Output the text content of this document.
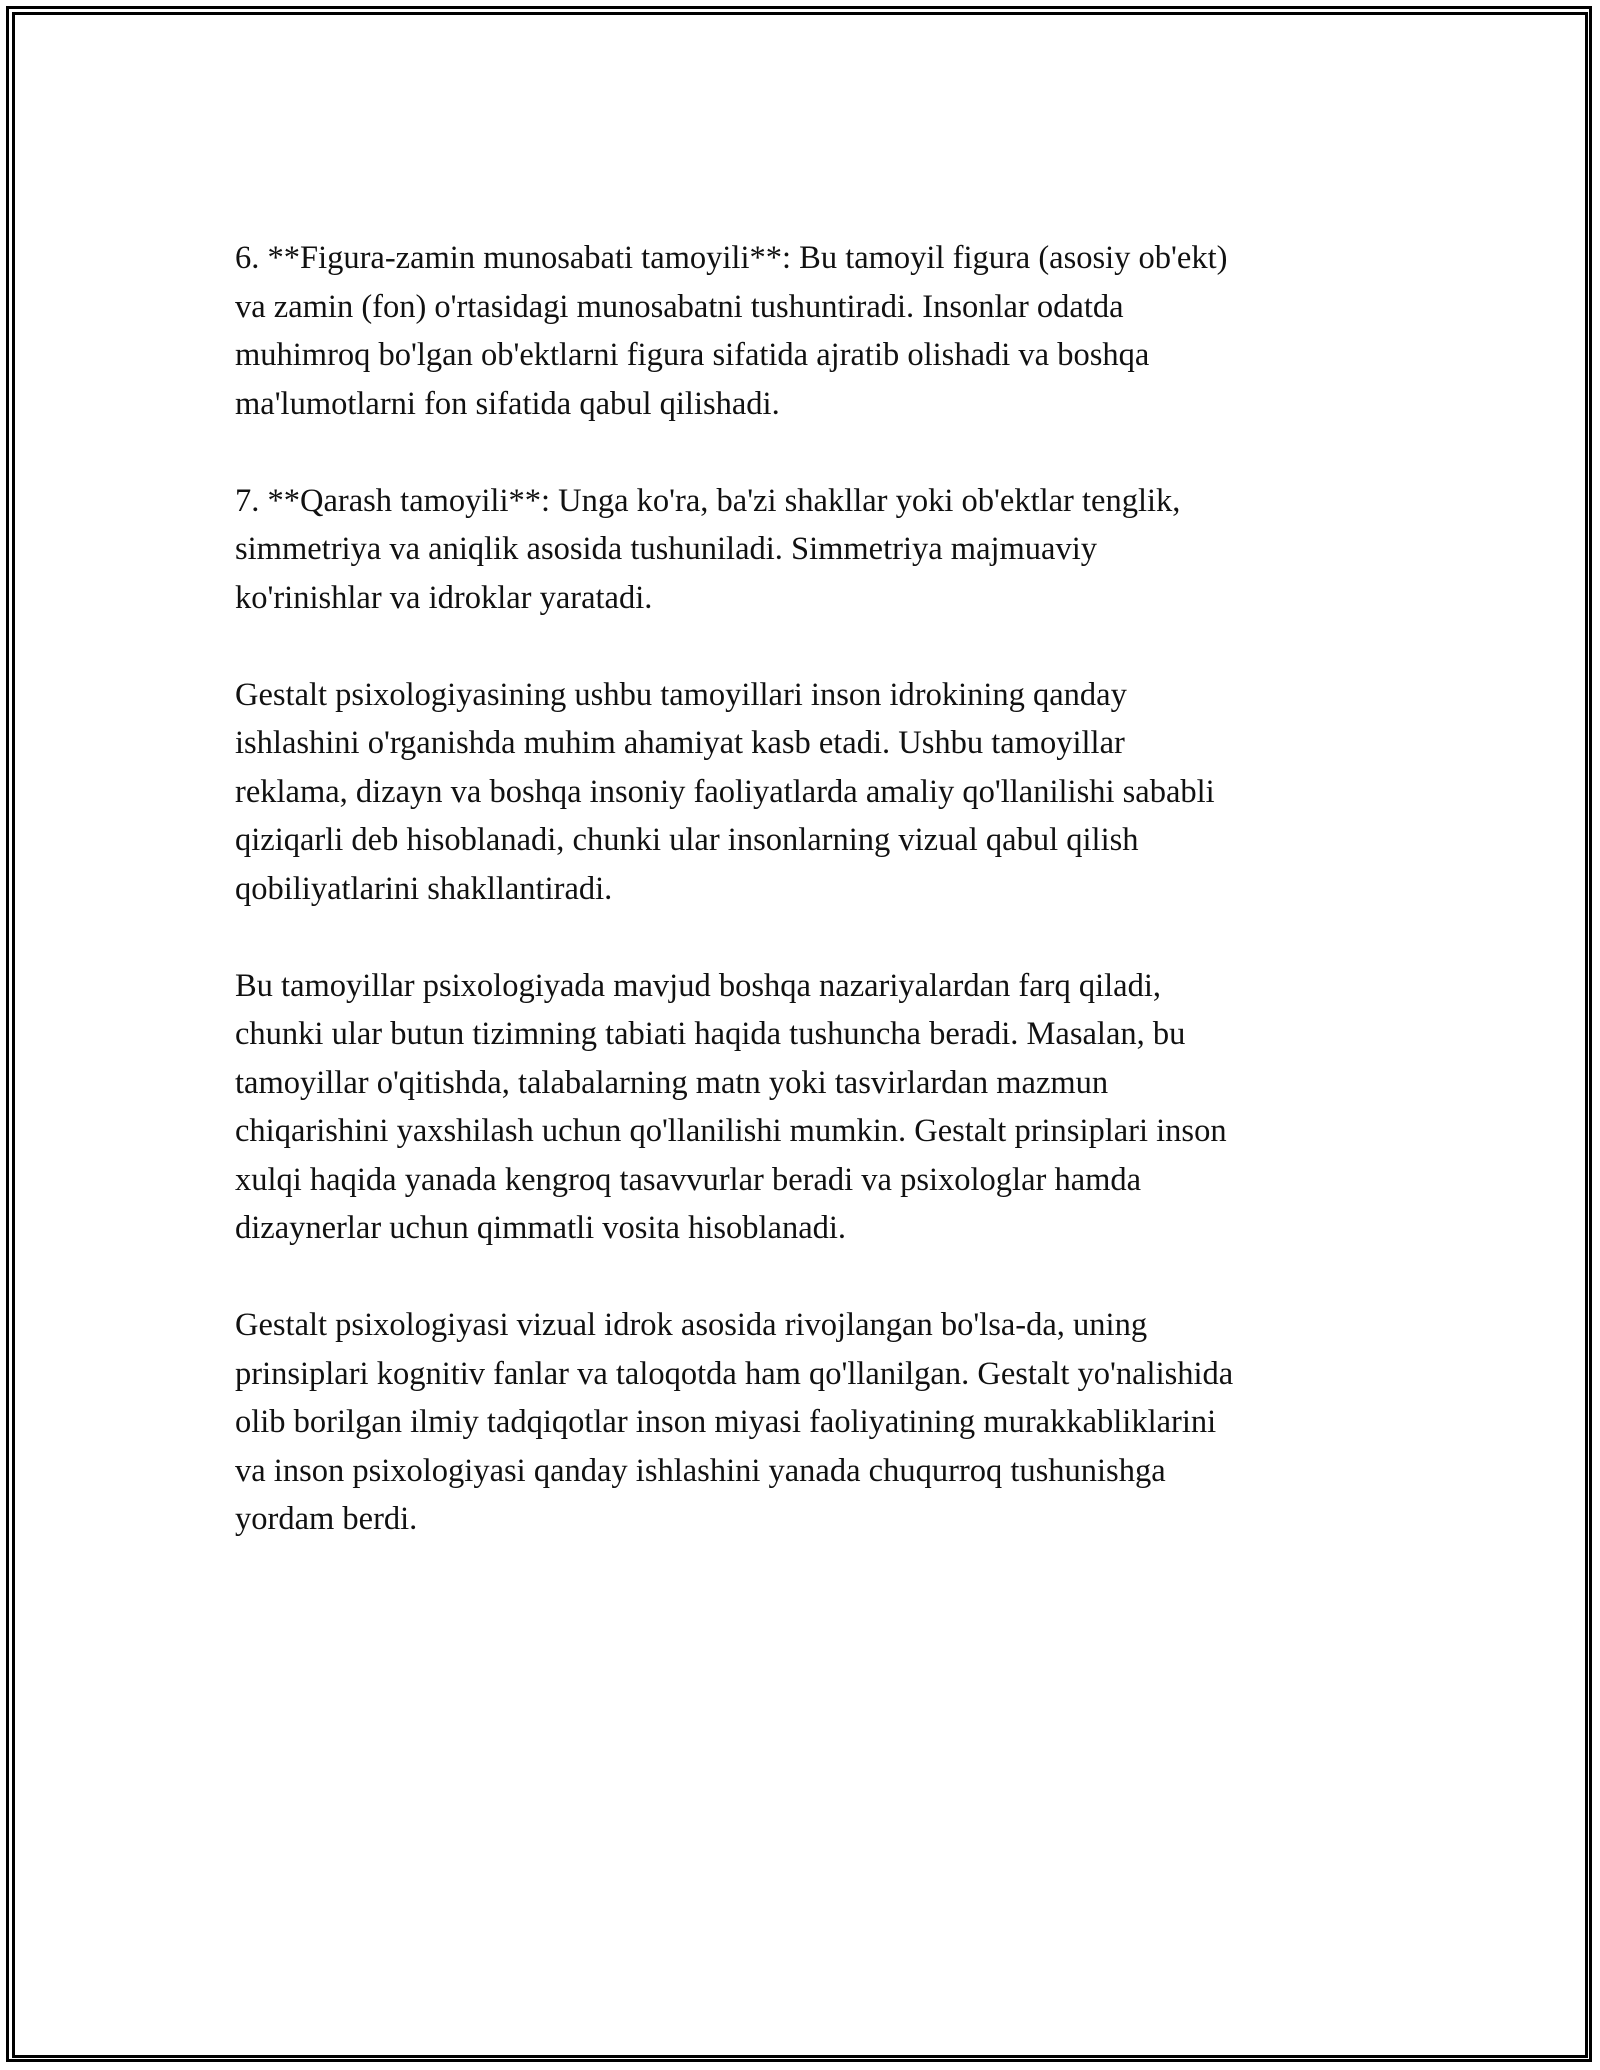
6. **Figura-zamin munosabati tamoyili**: Bu tamoyil figura (asosiy ob'ekt)
va zamin (fon) o'rtasidagi munosabatni tushuntiradi. Insonlar odatda
muhimroq bo'lgan ob'ektlarni figura sifatida ajratib olishadi va boshqa
ma'lumotlarni fon sifatida qabul qilishadi.

7. **Qarash tamoyili**: Unga ko'ra, ba'zi shakllar yoki ob'ektlar tenglik,
simmetriya va aniqlik asosida tushuniladi. Simmetriya majmuaviy
ko'rinishlar va idroklar yaratadi.

Gestalt psixologiyasining ushbu tamoyillari inson idrokining qanday
ishlashini o'rganishda muhim ahamiyat kasb etadi. Ushbu tamoyillar
reklama, dizayn va boshqa insoniy faoliyatlarda amaliy qo'llanilishi sababli
qiziqarli deb hisoblanadi, chunki ular insonlarning vizual qabul qilish
qobiliyatlarini shakllantiradi.

Bu tamoyillar psixologiyada mavjud boshqa nazariyalardan farq qiladi,
chunki ular butun tizimning tabiati haqida tushuncha beradi. Masalan, bu
tamoyillar o'qitishda, talabalarning matn yoki tasvirlardan mazmun
chiqarishini yaxshilash uchun qo'llanilishi mumkin. Gestalt prinsiplari inson
xulqi haqida yanada kengroq tasavvurlar beradi va psixologlar hamda
dizaynerlar uchun qimmatli vosita hisoblanadi.

Gestalt psixologiyasi vizual idrok asosida rivojlangan bo'lsa-da, uning
prinsiplari kognitiv fanlar va taloqotda ham qo'llanilgan. Gestalt yo'nalishida
olib borilgan ilmiy tadqiqotlar inson miyasi faoliyatining murakkabliklarini
va inson psixologiyasi qanday ishlashini yanada chuqurroq tushunishga
yordam berdi.
